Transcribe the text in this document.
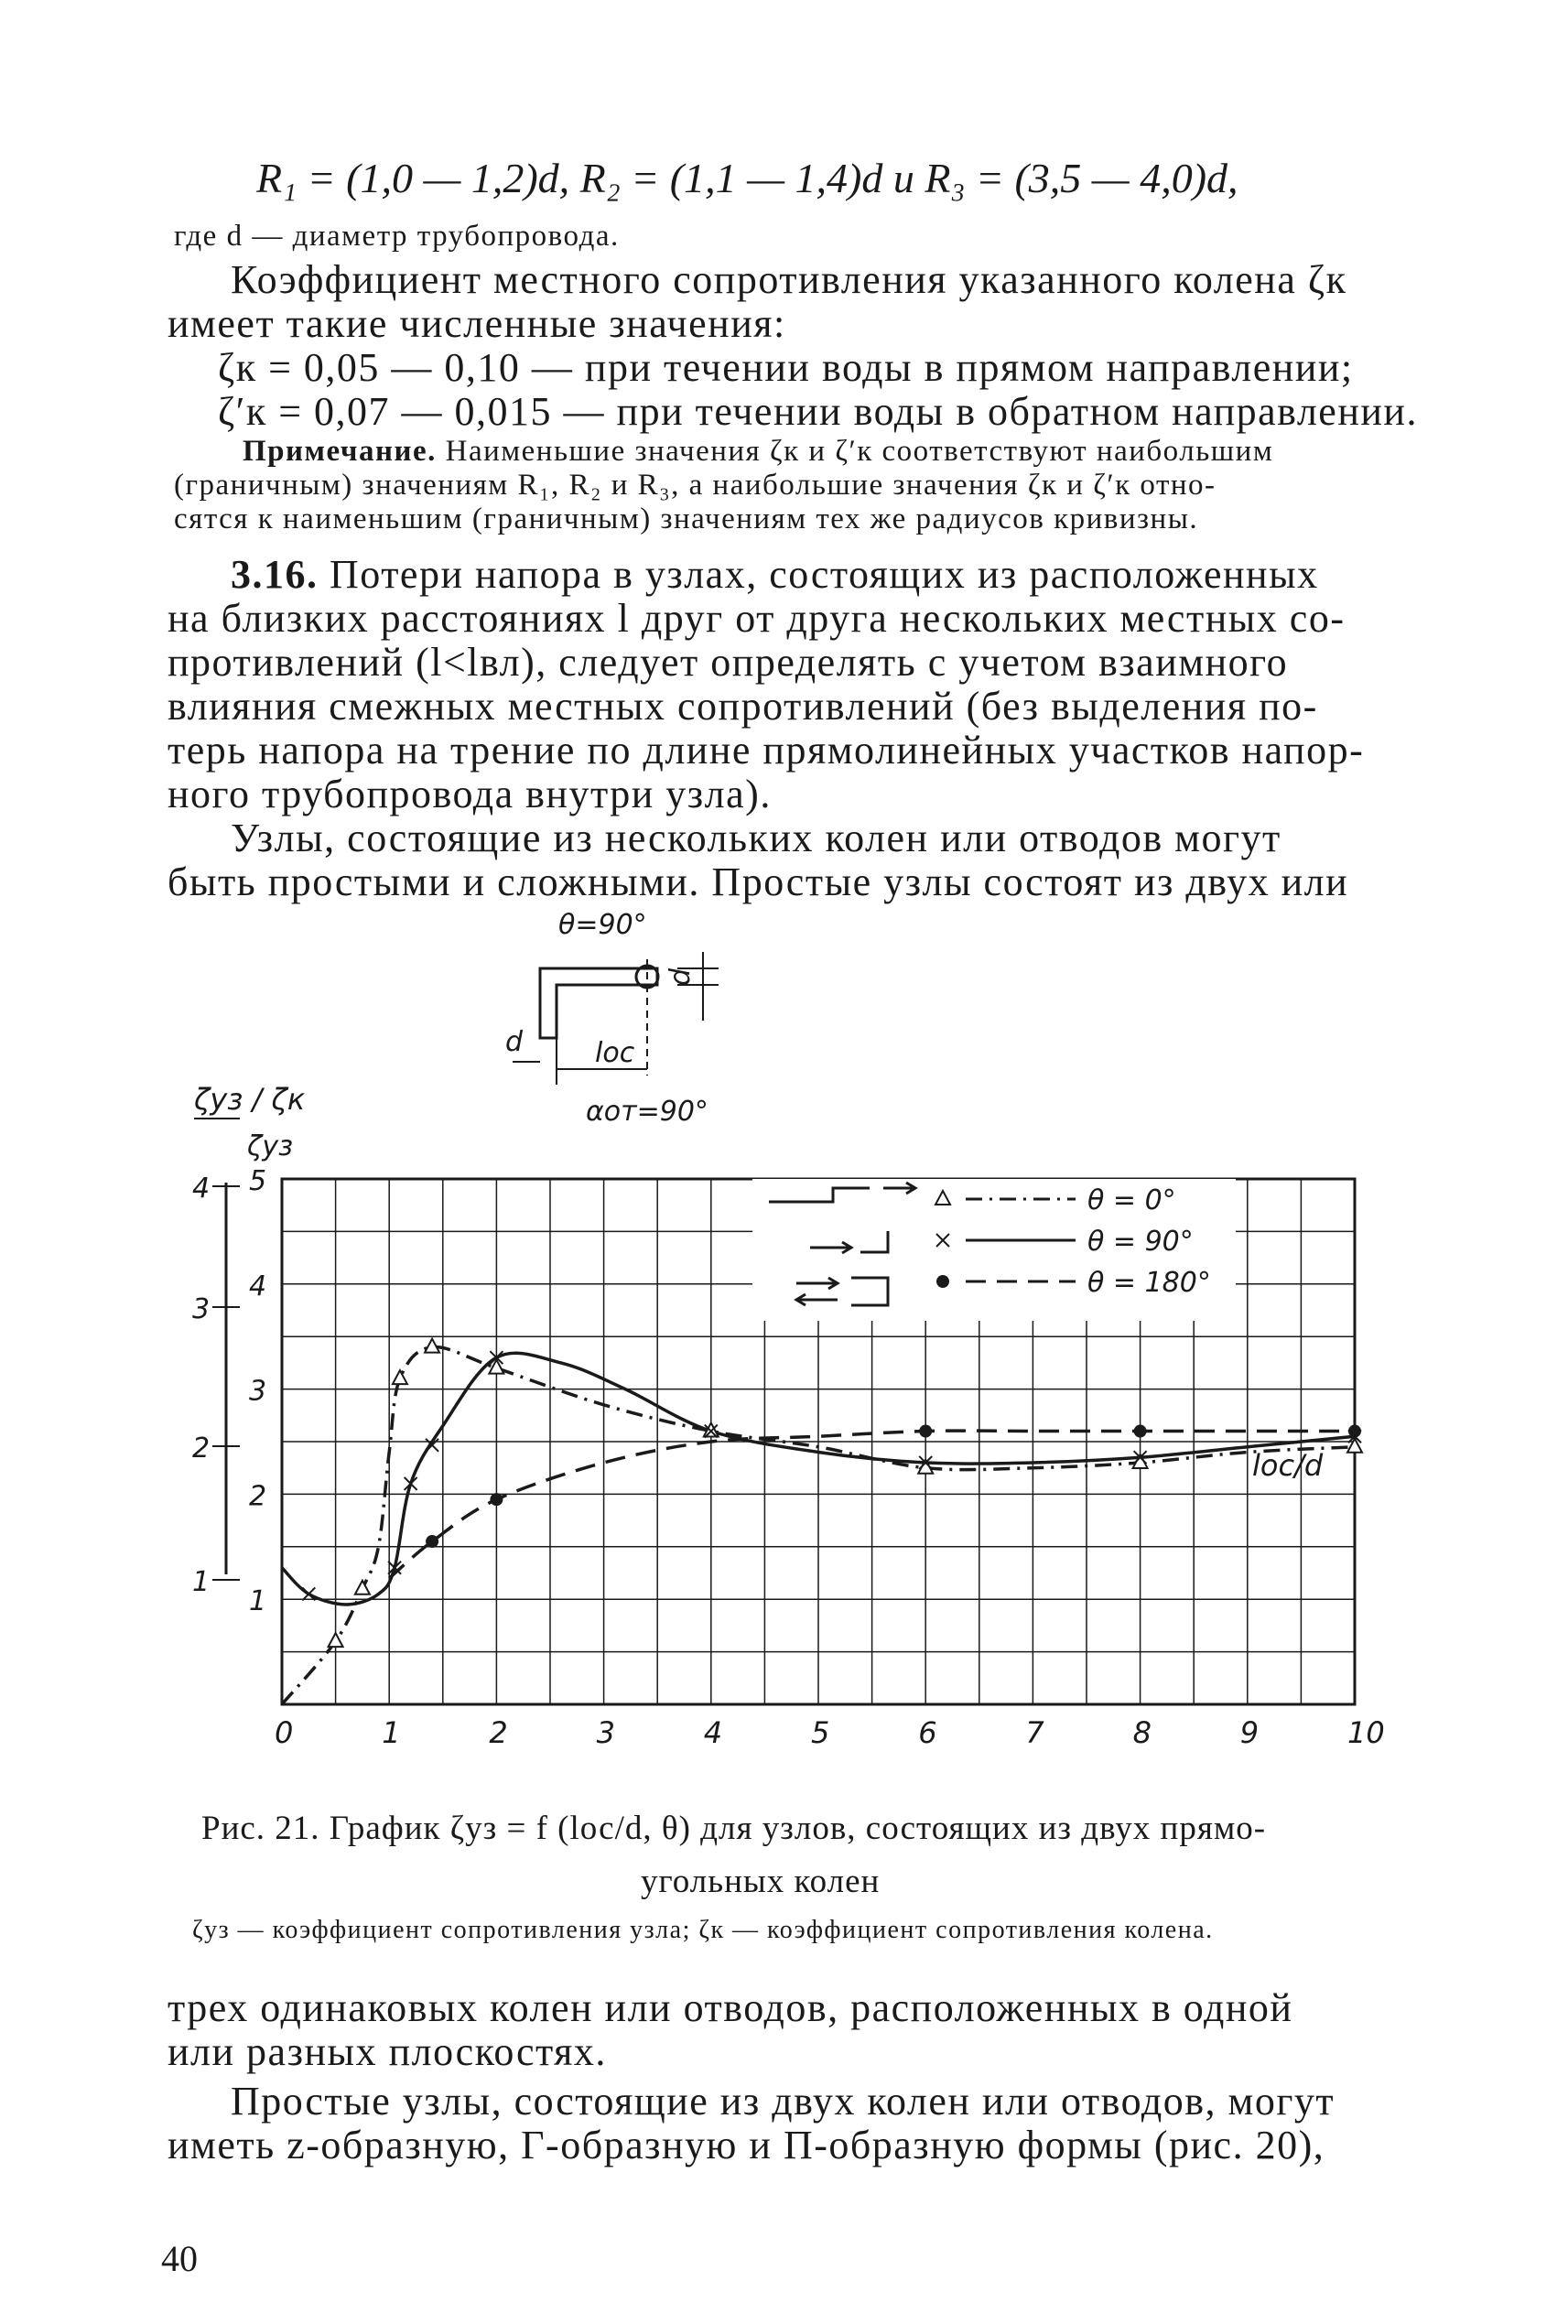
R₁ = (1,0 — 1,2)d, R₂ = (1,1 — 1,4)d и R₃ = (3,5 — 4,0)d,
где d — диаметр трубопровода.
Коэффициент местного сопротивления указанного колена ζк
имеет такие численные значения:
ζк = 0,05 — 0,10 — при течении воды в прямом направлении;
ζ′к = 0,07 — 0,015 — при течении воды в обратном направлении.
Примечание. Наименьшие значения ζк и ζ′к соответствуют наибольшим
(граничным) значениям R₁, R₂ и R₃, а наибольшие значения ζк и ζ′к отно-
сятся к наименьшим (граничным) значениям тех же радиусов кривизны.
3.16. Потери напора в узлах, состоящих из расположенных
на близких расстояниях l друг от друга нескольких местных со-
противлений (l<lвл), следует определять с учетом взаимного
влияния смежных местных сопротивлений (без выделения по-
терь напора на трение по длине прямолинейных участков напор-
ного трубопровода внутри узла).
Узлы, состоящие из нескольких колен или отводов могут
быть простыми и сложными. Простые узлы состоят из двух или
θ=90°
d
d	lос
αот=90°
ζуз / ζк
ζуз
0	1	2	3	4	5	6	7	8	9	10
1
2
3
4
5
1
2
3
4	θ = 0°
θ = 90°
θ = 180°
lос/d
Рис. 21. График ζуз = f (lос/d, θ) для узлов, состоящих из двух прямо-
угольных колен
ζуз — коэффициент сопротивления узла; ζк — коэффициент сопротивления колена.
трех одинаковых колен или отводов, расположенных в одной
или разных плоскостях.
Простые узлы, состоящие из двух колен или отводов, могут
иметь z-образную, Г-образную и П-образную формы (рис. 20),
40
